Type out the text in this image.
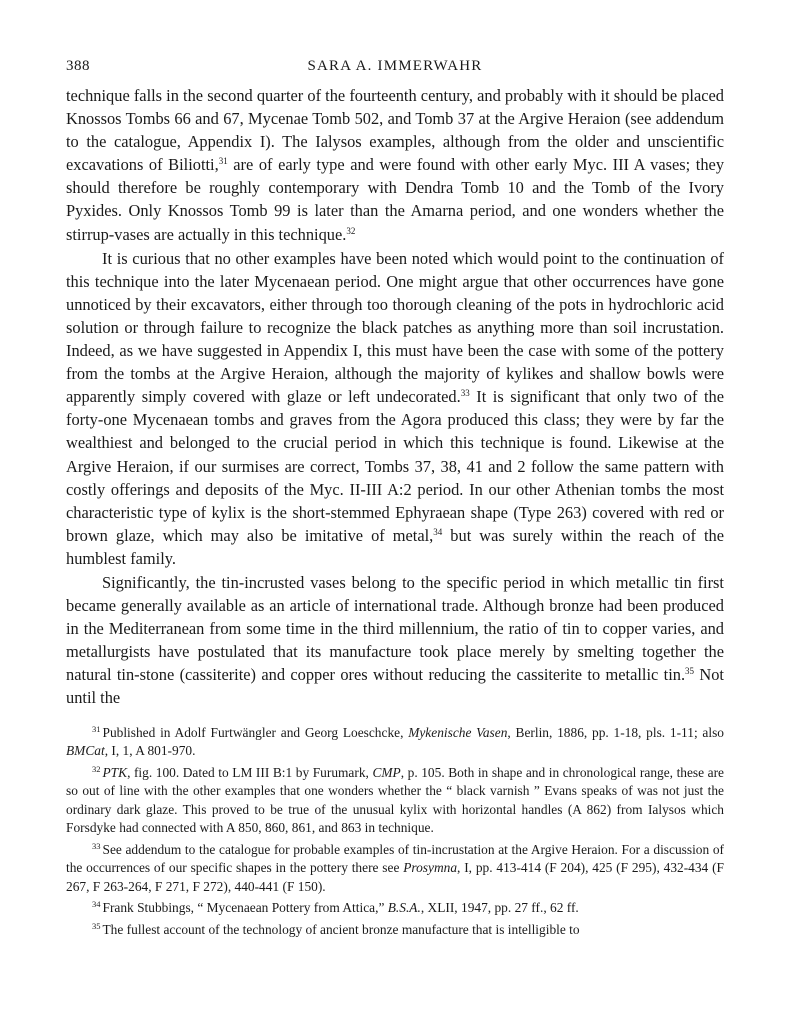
388	SARA A. IMMERWAHR

technique falls in the second quarter of the fourteenth century, and probably with it should be placed Knossos Tombs 66 and 67, Mycenae Tomb 502, and Tomb 37 at the Argive Heraion (see addendum to the catalogue, Appendix I). The Ialysos examples, although from the older and unscientific excavations of Biliotti,$^{31}$ are of early type and were found with other early Myc. III A vases; they should therefore be roughly contemporary with Dendra Tomb 10 and the Tomb of the Ivory Pyxides. Only Knossos Tomb 99 is later than the Amarna period, and one wonders whether the stirrup-vases are actually in this technique.$^{32}$

It is curious that no other examples have been noted which would point to the continuation of this technique into the later Mycenaean period. One might argue that other occurrences have gone unnoticed by their excavators, either through too thorough cleaning of the pots in hydrochloric acid solution or through failure to recognize the black patches as anything more than soil incrustation. Indeed, as we have suggested in Appendix I, this must have been the case with some of the pottery from the tombs at the Argive Heraion, although the majority of kylikes and shallow bowls were apparently simply covered with glaze or left undecorated.$^{33}$ It is significant that only two of the forty-one Mycenaean tombs and graves from the Agora produced this class; they were by far the wealthiest and belonged to the crucial period in which this technique is found. Likewise at the Argive Heraion, if our surmises are correct, Tombs 37, 38, 41 and 2 follow the same pattern with costly offerings and deposits of the Myc. II-III A:2 period. In our other Athenian tombs the most characteristic type of kylix is the short-stemmed Ephyraean shape (Type 263) covered with red or brown glaze, which may also be imitative of metal,$^{34}$ but was surely within the reach of the humblest family.

Significantly, the tin-incrusted vases belong to the specific period in which metallic tin first became generally available as an article of international trade. Although bronze had been produced in the Mediterranean from some time in the third millennium, the ratio of tin to copper varies, and metallurgists have postulated that its manufacture took place merely by smelting together the natural tin-stone (cassiterite) and copper ores without reducing the cassiterite to metallic tin.$^{35}$ Not until the

$^{31}$ Published in Adolf Furtwängler and Georg Loeschcke, Mykenische Vasen, Berlin, 1886, pp. 1-18, pls. 1-11; also BMCat, I, 1, A 801-970.

$^{32}$ PTK, fig. 100. Dated to LM III B:1 by Furumark, CMP, p. 105. Both in shape and in chronological range, these are so out of line with the other examples that one wonders whether the “ black varnish ” Evans speaks of was not just the ordinary dark glaze. This proved to be true of the unusual kylix with horizontal handles (A 862) from Ialysos which Forsdyke had connected with A 850, 860, 861, and 863 in technique.

$^{33}$ See addendum to the catalogue for probable examples of tin-incrustation at the Argive Heraion. For a discussion of the occurrences of our specific shapes in the pottery there see Prosymna, I, pp. 413-414 (F 204), 425 (F 295), 432-434 (F 267, F 263-264, F 271, F 272), 440-441 (F 150).

$^{34}$ Frank Stubbings, “ Mycenaean Pottery from Attica,” B.S.A., XLII, 1947, pp. 27 ff., 62 ff.

$^{35}$ The fullest account of the technology of ancient bronze manufacture that is intelligible to
